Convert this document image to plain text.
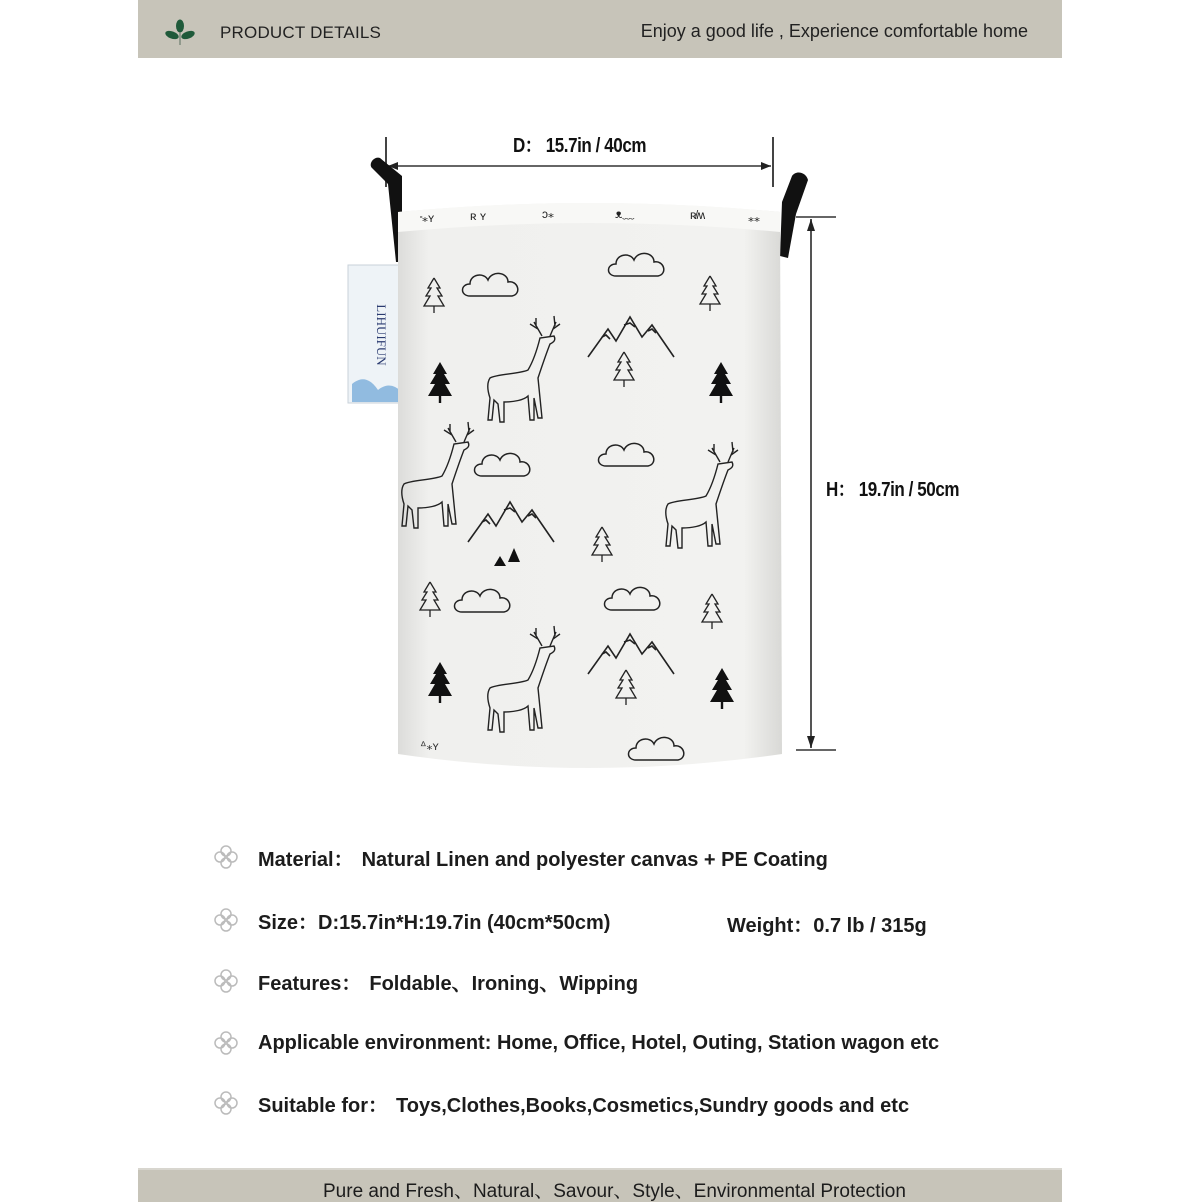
PRODUCT DETAILS	Enjoy a good life , Experience comfortable home
D： 15.7in / 40cm
H： 19.7in / 50cm
LIHUIFUN
᠊⁎ʏ	ʀ ʏ	ↄ⁎	ᴥ﹏	ʀ̸ʍ	⁎⁎
ᐞ⁎ʏ
Material： Natural Linen and polyester canvas + PE Coating
Size：D:15.7in*H:19.7in (40cm*50cm)	Weight：0.7 lb / 315g
Features： Foldable、Ironing、Wipping
Applicable environment: Home, Office, Hotel, Outing, Station wagon etc
Suitable for： Toys,Clothes,Books,Cosmetics,Sundry goods and etc
Pure and Fresh、Natural、Savour、Style、Environmental Protection
